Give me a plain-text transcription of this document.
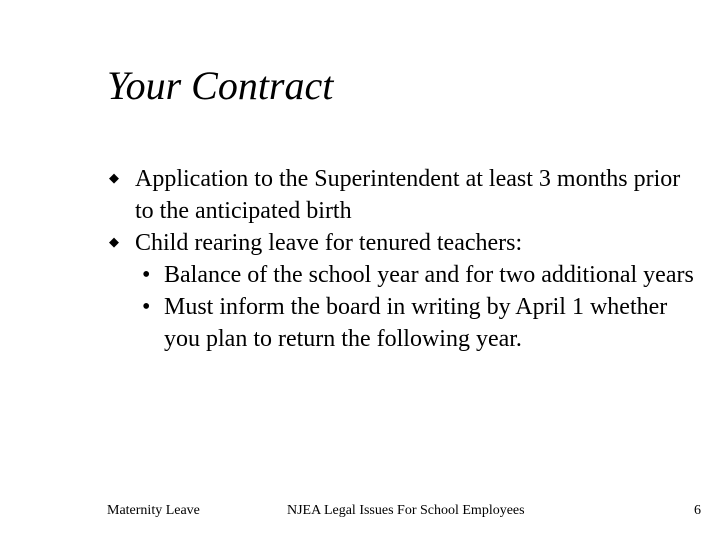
Your Contract
◆ Application to the Superintendent at least 3 months prior to the anticipated birth
◆ Child rearing leave for tenured teachers:
• Balance of the school year and for two additional years
• Must inform the board in writing by April 1 whether you plan to return the following year.
Maternity Leave	NJEA Legal Issues For School Employees	6
